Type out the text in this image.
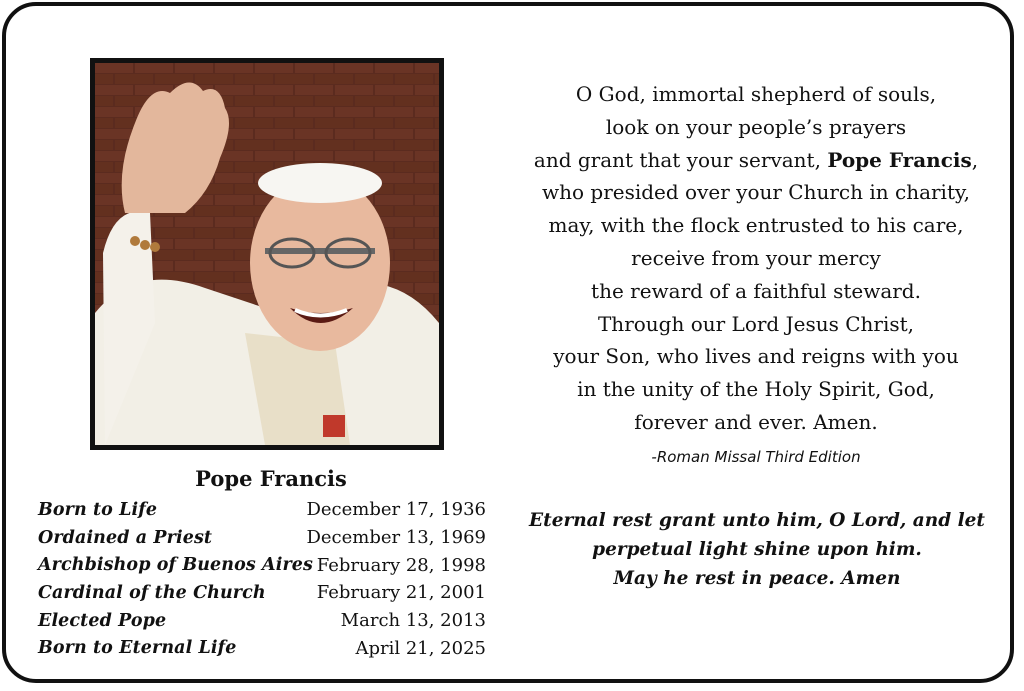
Pope Francis
Born to Life	December 17, 1936
Ordained a Priest	December 13, 1969
Archbishop of Buenos Aires February 28, 1998
Cardinal of the Church	February 21, 2001
Elected Pope	March 13, 2013
Born to Eternal Life	April 21, 2025
O God, immortal shepherd of souls,
look on your people’s prayers
and grant that your servant, Pope Francis,
who presided over your Church in charity,
may, with the flock entrusted to his care,
receive from your mercy
the reward of a faithful steward.
Through our Lord Jesus Christ,
your Son, who lives and reigns with you
in the unity of the Holy Spirit, God,
forever and ever. Amen.
-Roman Missal Third Edition
Eternal rest grant unto him, O Lord, and let
perpetual light shine upon him.
May he rest in peace. Amen
